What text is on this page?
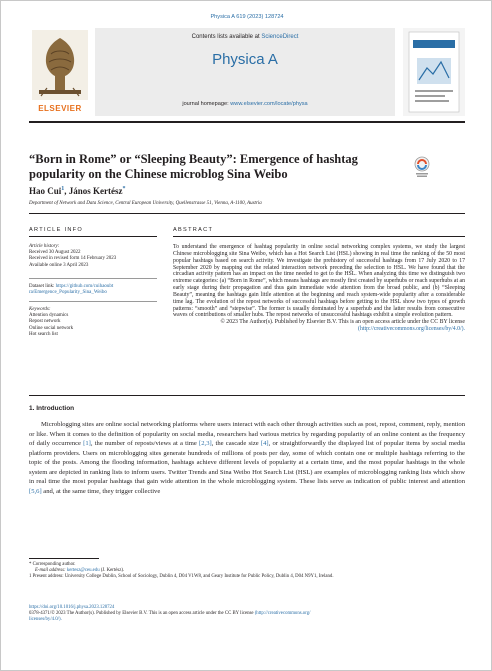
Physica A 619 (2023) 128724
ELSEVIER
Contents lists available at ScienceDirect
Physica A
journal homepage: www.elsevier.com/locate/physa
“Born in Rome” or “Sleeping Beauty”: Emergence of hashtag popularity on the Chinese microblog Sina Weibo
Hao Cui$^1$, János Kertész*
Department of Network and Data Science, Central European University, Quellenstrasse 51, Vienna, A-1100, Austria
ARTICLE INFO	ABSTRACT
Article history:
Received 30 August 2022
Received in revised form 14 February 2023
Available online 3 April 2023
Dataset link: https://github.com/cuihaoubt
ra/Emergence_Popularity_Sina_Weibo
Keywords:
Attention dynamics
Repost network
Online social network
Hot search list
To understand the emergence of hashtag popularity in online social networking complex systems, we study the largest Chinese microblogging site Sina Weibo, which has a Hot Search List (HSL) showing in real time the ranking of the 50 most popular hashtags based on search activity. We investigate the prehistory of successful hashtags from 17 July 2020 to 17 September 2020 by mapping out the related interaction network preceding the selection to HSL. We have found that the circadian activity pattern has an impact on the time needed to get to the HSL. When analyzing this time we distinguish two extreme categories: (a) “Born in Rome”, which means hashtags are mostly first created by superhubs or reach superhubs at an early stage during their propagation and thus gain immediate wide attention from the broad public, and (b) “Sleeping Beauty”, meaning the hashtags gain little attention at the beginning and reach system-wide popularity after a considerable time lag. The evolution of the repost networks of successful hashtags before getting to the HSL show two types of growth patterns: “smooth” and “stepwise”. The former is usually dominated by a superhub and the latter results from consecutive waves of contributions of smaller hubs. The repost networks of unsuccessful hashtags exhibit a simple evolution pattern.
© 2023 The Author(s). Published by Elsevier B.V. This is an open access article under the CC BY license (http://creativecommons.org/licenses/by/4.0/).
1. Introduction
Microblogging sites are online social networking platforms where users interact with each other through activities such as post, repost, comment, reply, mention or like. When it comes to the definition of popularity on social media, researchers had various metrics by regarding popularity of an online content as the frequency of daily occurrence [1], the number of reposts/views at a time [2,3], the cascade size [4], or straightforwardly the displayed list of popular items by social media platform providers. Users on microblogging sites generate hundreds of millions of posts per day, some of which contain one or multiple hashtags referring to the topic of the posts. Among the flooding information, hashtags achieve different levels of popularity at a certain time, and the most popular hashtags in the whole system are depicted in ranking lists to inform users. Twitter Trends and Sina Weibo Hot Search List (HSL) are examples of microblogging ranking lists which show in real time the most popular hashtags that gain wide attention in the whole microblogging system. These lists serve as indication of public interest and attention [5,6] and, at the same time, they trigger collective
* Corresponding author.
E-mail address: kertesz@ceu.edu (J. Kertész).
1 Present address: University College Dublin, School of Sociology, Dublin 4, D04 V1W8, and Geary Institute for Public Policy, Dublin 4, D04 N9Y1, Ireland.
https://doi.org/10.1016/j.physa.2023.128724
0378-4371/© 2023 The Author(s). Published by Elsevier B.V. This is an open access article under the CC BY license (http://creativecommons.org/
licenses/by/4.0/).
